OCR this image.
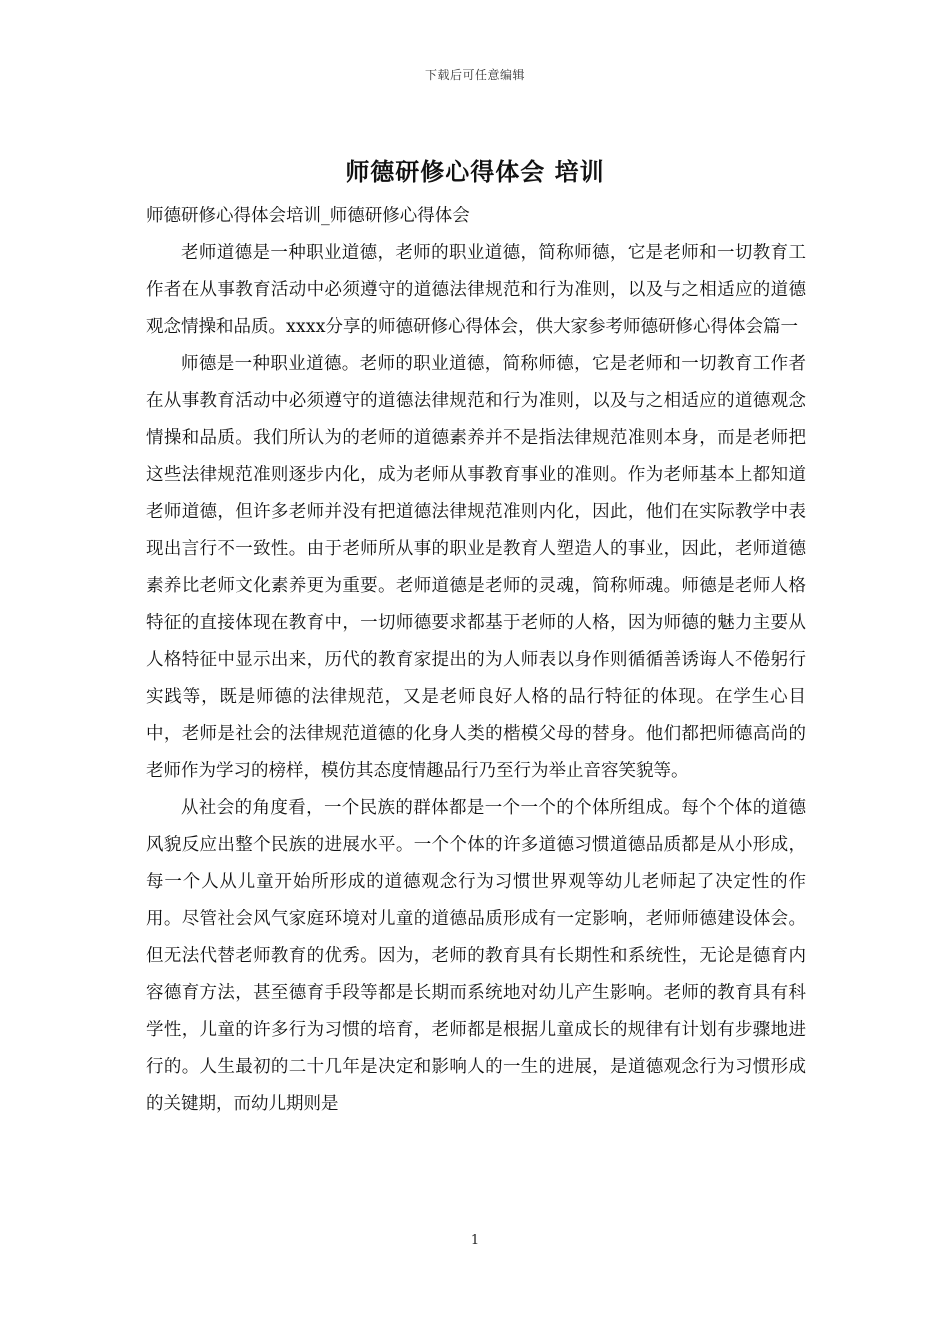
下载后可任意编辑
师德研修心得体会 培训

师德研修心得体会培训_师德研修心得体会

老师道德是一种职业道德，老师的职业道德，简称师德，它是老师和一切教育工作者在从事教育活动中必须遵守的道德法律规范和行为准则，以及与之相适应的道德观念情操和品质。xxxx分享的师德研修心得体会，供大家参考师德研修心得体会篇一

师德是一种职业道德。老师的职业道德，简称师德，它是老师和一切教育工作者在从事教育活动中必须遵守的道德法律规范和行为准则，以及与之相适应的道德观念情操和品质。我们所认为的老师的道德素养并不是指法律规范准则本身，而是老师把这些法律规范准则逐步内化，成为老师从事教育事业的准则。作为老师基本上都知道老师道德，但许多老师并没有把道德法律规范准则内化，因此，他们在实际教学中表现出言行不一致性。由于老师所从事的职业是教育人塑造人的事业，因此，老师道德素养比老师文化素养更为重要。老师道德是老师的灵魂，简称师魂。师德是老师人格特征的直接体现在教育中，一切师德要求都基于老师的人格，因为师德的魅力主要从人格特征中显示出来，历代的教育家提出的为人师表以身作则循循善诱诲人不倦躬行实践等，既是师德的法律规范，又是老师良好人格的品行特征的体现。在学生心目中，老师是社会的法律规范道德的化身人类的楷模父母的替身。他们都把师德高尚的老师作为学习的榜样，模仿其态度情趣品行乃至行为举止音容笑貌等。

从社会的角度看，一个民族的群体都是一个一个的个体所组成。每个个体的道德风貌反应出整个民族的进展水平。一个个体的许多道德习惯道德品质都是从小形成，每一个人从儿童开始所形成的道德观念行为习惯世界观等幼儿老师起了决定性的作用。尽管社会风气家庭环境对儿童的道德品质形成有一定影响，老师师德建设体会。但无法代替老师教育的优秀。因为，老师的教育具有长期性和系统性，无论是德育内容德育方法，甚至德育手段等都是长期而系统地对幼儿产生影响。老师的教育具有科学性，儿童的许多行为习惯的培育，老师都是根据儿童成长的规律有计划有步骤地进行的。人生最初的二十几年是决定和影响人的一生的进展，是道德观念行为习惯形成的关键期，而幼儿期则是

1
